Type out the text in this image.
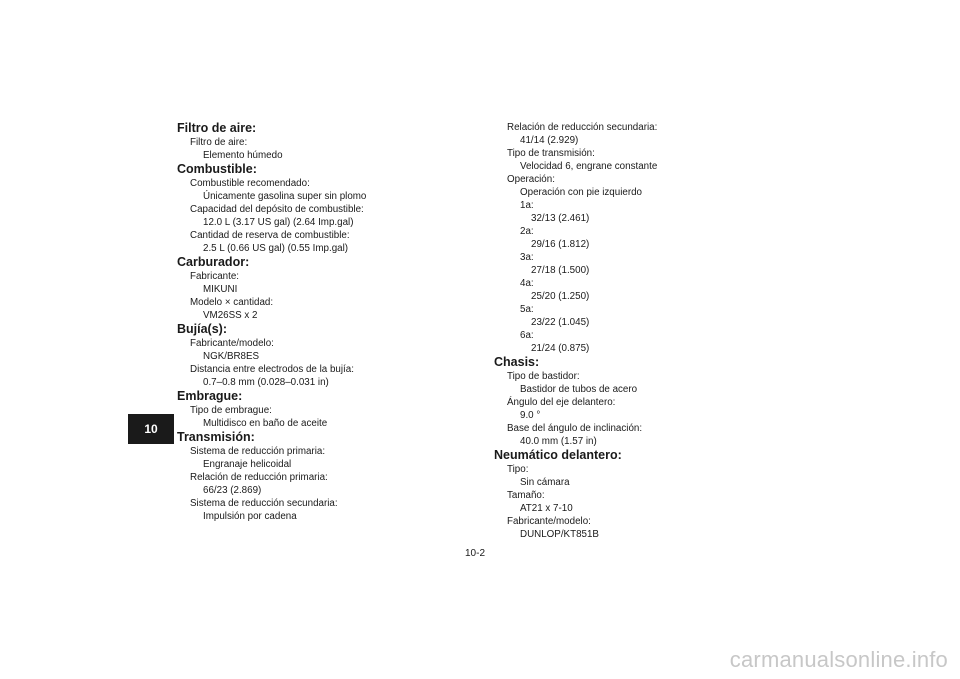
10
Filtro de aire:
Filtro de aire:
Elemento húmedo
Combustible:
Combustible recomendado:
Únicamente gasolina super sin plomo
Capacidad del depósito de combustible:
12.0 L (3.17 US gal) (2.64 Imp.gal)
Cantidad de reserva de combustible:
2.5 L (0.66 US gal) (0.55 Imp.gal)
Carburador:
Fabricante:
MIKUNI
Modelo × cantidad:
VM26SS x 2
Bujía(s):
Fabricante/modelo:
NGK/BR8ES
Distancia entre electrodos de la bujía:
0.7–0.8 mm (0.028–0.031 in)
Embrague:
Tipo de embrague:
Multidisco en baño de aceite
Transmisión:
Sistema de reducción primaria:
Engranaje helicoidal
Relación de reducción primaria:
66/23 (2.869)
Sistema de reducción secundaria:
Impulsión por cadena
Relación de reducción secundaria:
41/14 (2.929)
Tipo de transmisión:
Velocidad 6, engrane constante
Operación:
Operación con pie izquierdo
1a:
32/13 (2.461)
2a:
29/16 (1.812)
3a:
27/18 (1.500)
4a:
25/20 (1.250)
5a:
23/22 (1.045)
6a:
21/24 (0.875)
Chasis:
Tipo de bastidor:
Bastidor de tubos de acero
Ángulo del eje delantero:
9.0 °
Base del ángulo de inclinación:
40.0 mm (1.57 in)
Neumático delantero:
Tipo:
Sin cámara
Tamaño:
AT21 x 7-10
Fabricante/modelo:
DUNLOP/KT851B
10-2
carmanualsonline.info
